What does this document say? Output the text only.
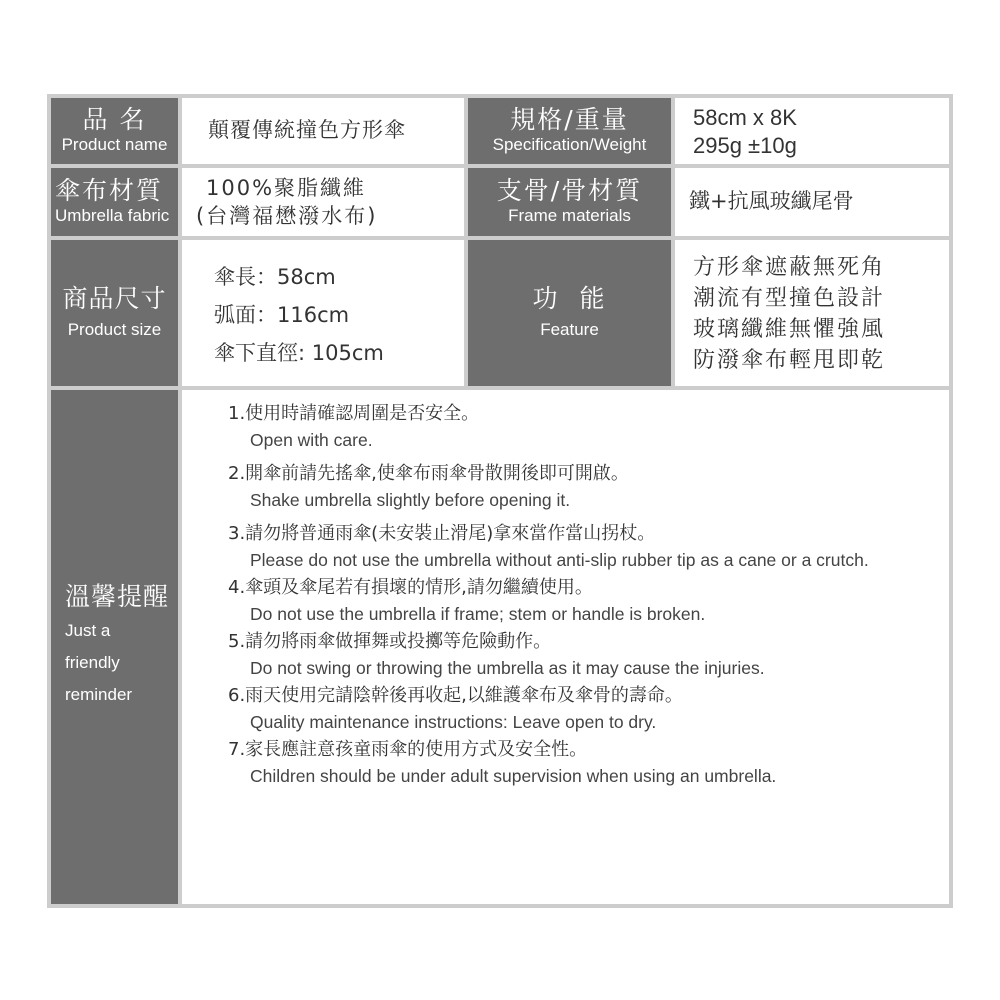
品 名
Product name
顛覆傳統撞色方形傘	規格/重量
Specification/Weight
58cm x 8K
295g ±10g
傘布材質
Umbrella fabric
100%聚脂纖維
(台灣福懋潑水布)
支骨/骨材質
Frame materials
鐵+抗風玻纖尾骨
商品尺寸
Product size
傘長：58cm
弧面：116cm
傘下直徑: 105cm
功  能
Feature
方形傘遮蔽無死角
潮流有型撞色設計
玻璃纖維無懼強風
防潑傘布輕甩即乾
溫馨提醒
Just a
friendly
reminder
1.使用時請確認周圍是否安全。
Open with care.
2.開傘前請先搖傘,使傘布雨傘骨散開後即可開啟。
Shake umbrella slightly before opening it.
3.請勿將普通雨傘(未安裝止滑尾)拿來當作當山拐杖。
Please do not use the umbrella without anti-slip rubber tip as a cane or a crutch.
4.傘頭及傘尾若有損壞的情形,請勿繼續使用。
Do not use the umbrella if frame; stem or handle is broken.
5.請勿將雨傘做揮舞或投擲等危險動作。
Do not swing or throwing the umbrella as it may cause the injuries.
6.雨天使用完請陰幹後再收起,以維護傘布及傘骨的壽命。
Quality maintenance instructions: Leave open to dry.
7.家長應註意孩童雨傘的使用方式及安全性。
Children should be under adult supervision when using an umbrella.
